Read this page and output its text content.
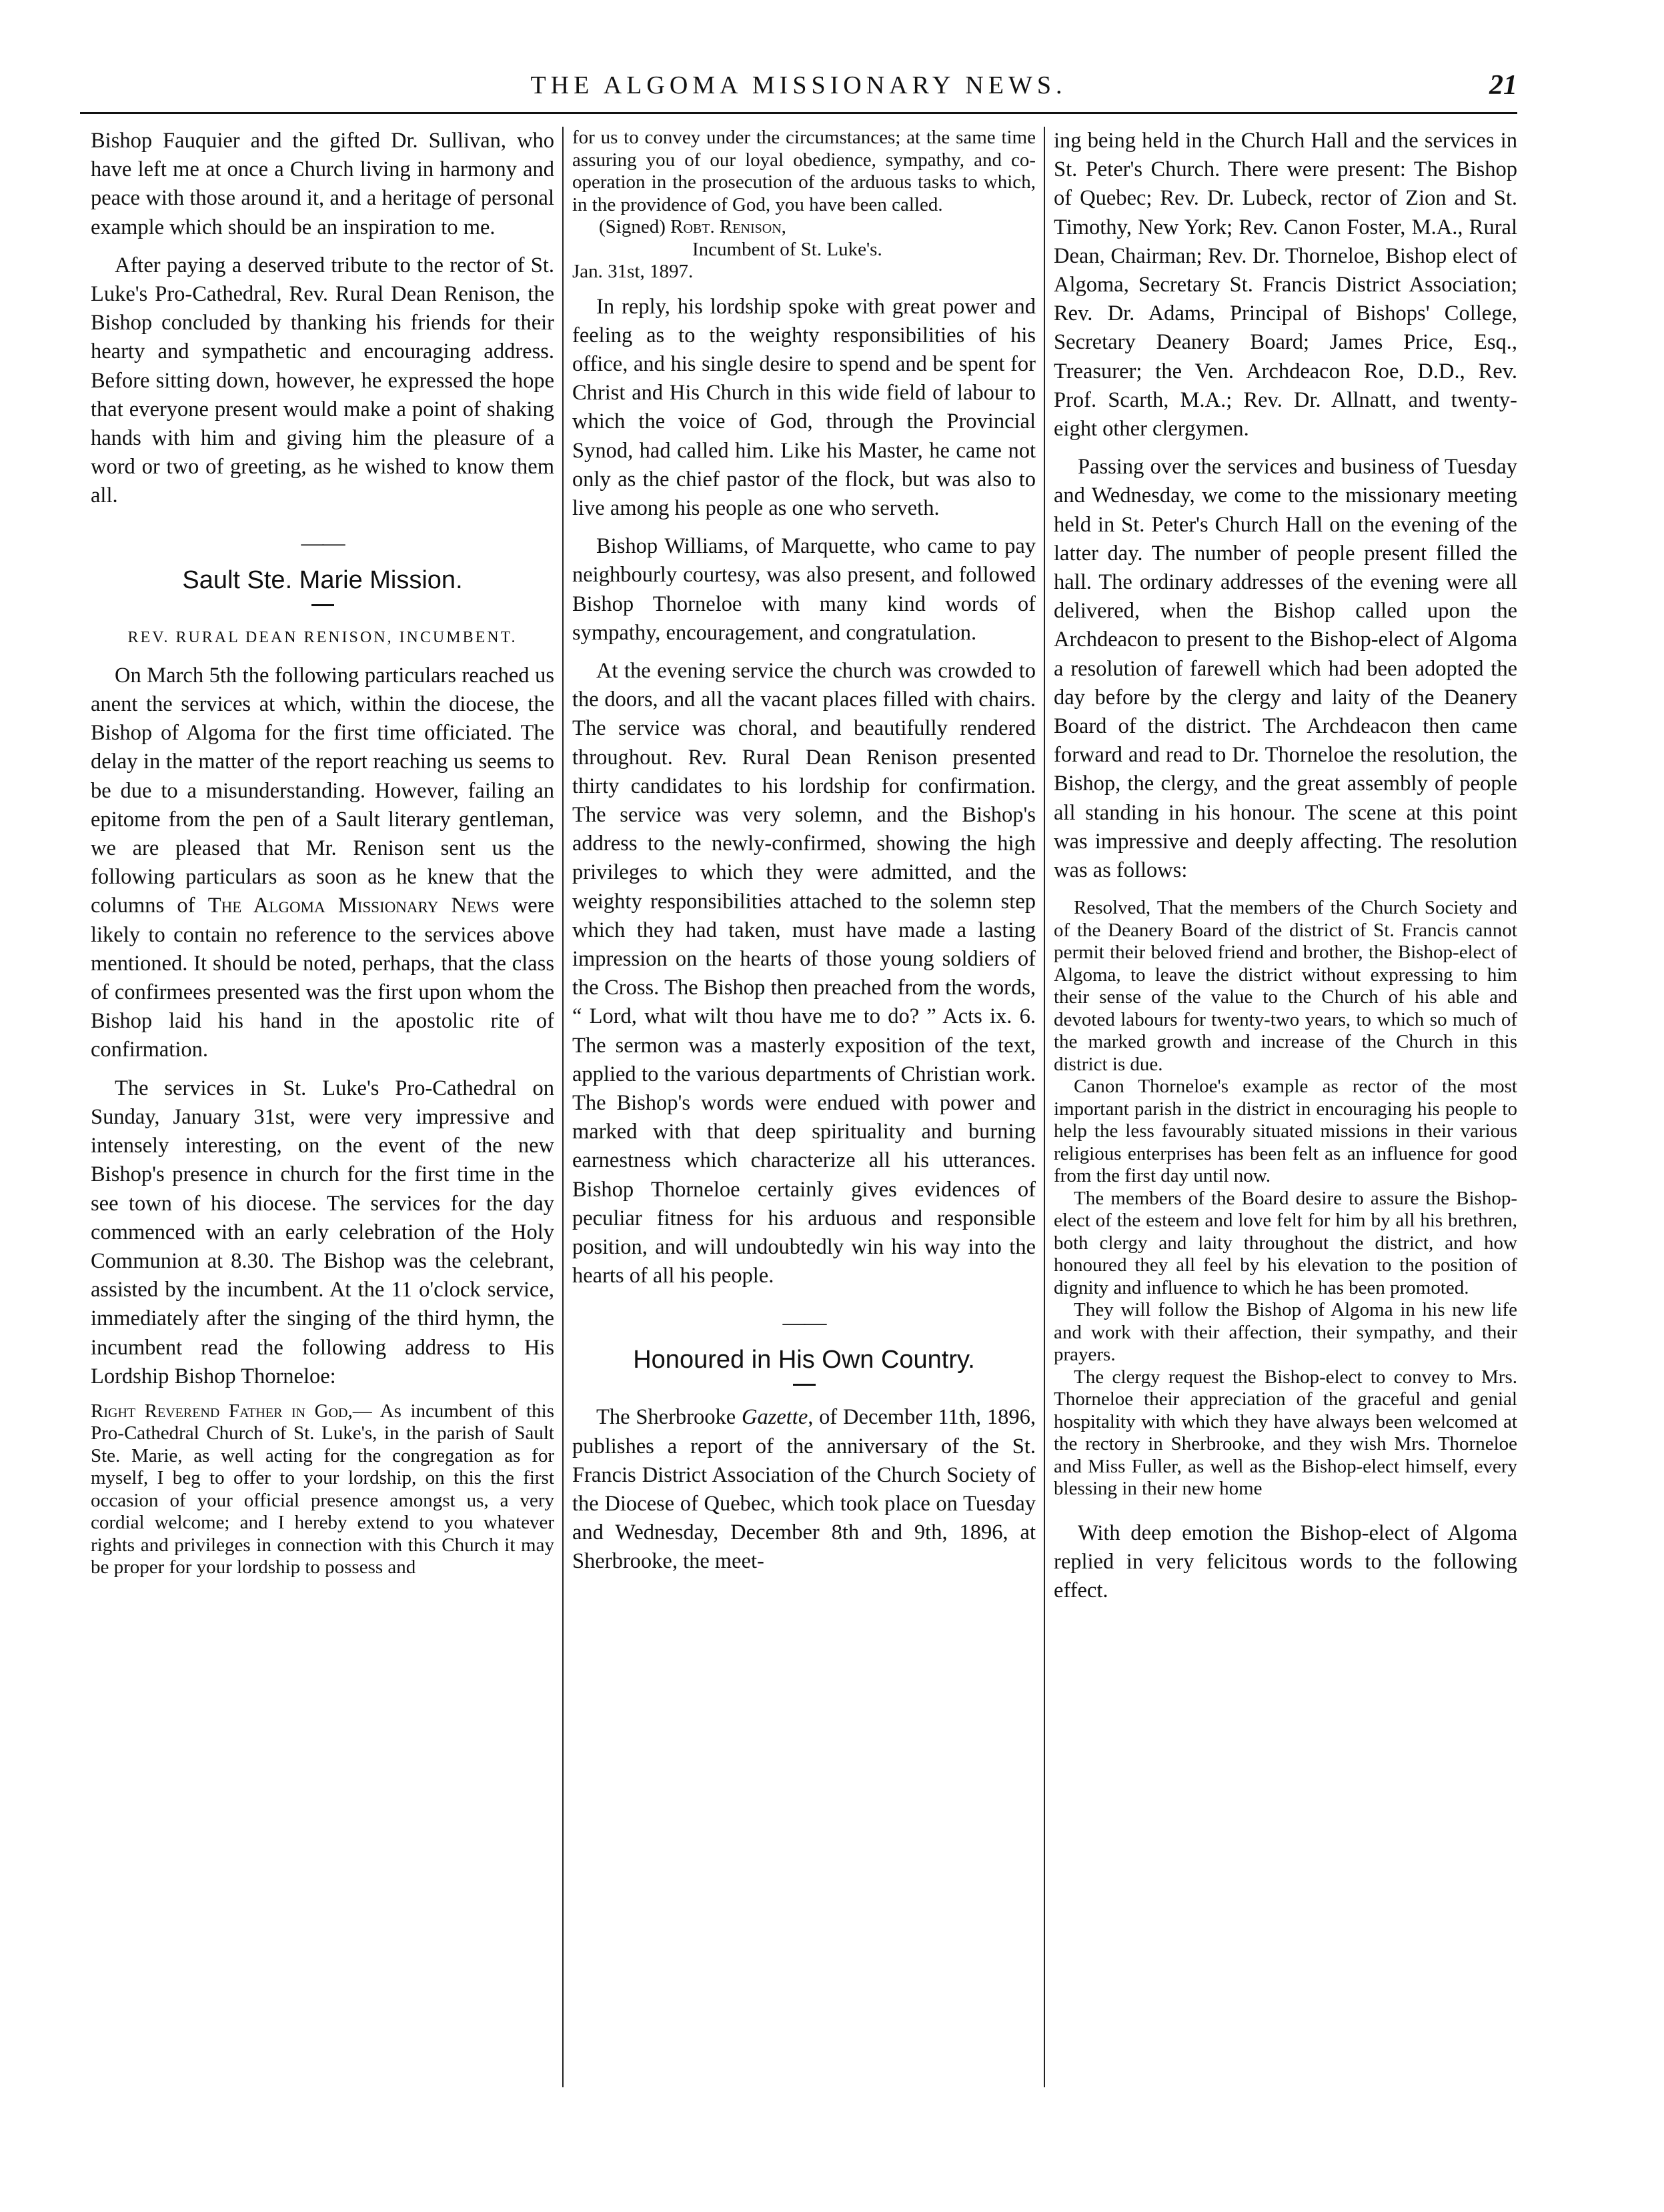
THE ALGOMA MISSIONARY NEWS.	21

Bishop Fauquier and the gifted Dr. Sullivan, who have left me at once a Church living in harmony and peace with those around it, and a heritage of personal example which should be an inspiration to me.

After paying a deserved tribute to the rector of St. Luke's Pro-Cathedral, Rev. Rural Dean Renison, the Bishop concluded by thanking his friends for their hearty and sympathetic and encouraging address. Before sitting down, however, he expressed the hope that everyone present would make a point of shaking hands with him and giving him the pleasure of a word or two of greeting, as he wished to know them all.

——
Sault Ste. Marie Mission.
REV. RURAL DEAN RENISON, INCUMBENT.

On March 5th the following particulars reached us anent the services at which, within the diocese, the Bishop of Algoma for the first time officiated. The delay in the matter of the report reaching us seems to be due to a misunderstanding. However, failing an epitome from the pen of a Sault literary gentleman, we are pleased that Mr. Renison sent us the following particulars as soon as he knew that the columns of The Algoma Missionary News were likely to contain no reference to the services above mentioned. It should be noted, perhaps, that the class of confirmees presented was the first upon whom the Bishop laid his hand in the apostolic rite of confirmation.

The services in St. Luke's Pro-Cathedral on Sunday, January 31st, were very impressive and intensely interesting, on the event of the new Bishop's presence in church for the first time in the see town of his diocese. The services for the day commenced with an early celebration of the Holy Communion at 8.30. The Bishop was the celebrant, assisted by the incumbent. At the 11 o'clock service, immediately after the singing of the third hymn, the incumbent read the following address to His Lordship Bishop Thorneloe:

Right Reverend Father in God,— As incumbent of this Pro-Cathedral Church of St. Luke's, in the parish of Sault Ste. Marie, as well acting for the congregation as for myself, I beg to offer to your lordship, on this the first occasion of your official presence amongst us, a very cordial welcome; and I hereby extend to you whatever rights and privileges in connection with this Church it may be proper for your lordship to possess and

for us to convey under the circumstances; at the same time assuring you of our loyal obedience, sympathy, and co-operation in the prosecution of the arduous tasks to which, in the providence of God, you have been called.

(Signed) Robt. Renison,
Incumbent of St. Luke's.
Jan. 31st, 1897.

In reply, his lordship spoke with great power and feeling as to the weighty responsibilities of his office, and his single desire to spend and be spent for Christ and His Church in this wide field of labour to which the voice of God, through the Provincial Synod, had called him. Like his Master, he came not only as the chief pastor of the flock, but was also to live among his people as one who serveth.

Bishop Williams, of Marquette, who came to pay neighbourly courtesy, was also present, and followed Bishop Thorneloe with many kind words of sympathy, encouragement, and congratulation.

At the evening service the church was crowded to the doors, and all the vacant places filled with chairs. The service was choral, and beautifully rendered throughout. Rev. Rural Dean Renison presented thirty candidates to his lordship for confirmation. The service was very solemn, and the Bishop's address to the newly-confirmed, showing the high privileges to which they were admitted, and the weighty responsibilities attached to the solemn step which they had taken, must have made a lasting impression on the hearts of those young soldiers of the Cross. The Bishop then preached from the words, “ Lord, what wilt thou have me to do? ” Acts ix. 6. The sermon was a masterly exposition of the text, applied to the various departments of Christian work. The Bishop's words were endued with power and marked with that deep spirituality and burning earnestness which characterize all his utterances. Bishop Thorneloe certainly gives evidences of peculiar fitness for his arduous and responsible position, and will undoubtedly win his way into the hearts of all his people.

——
Honoured in His Own Country.

The Sherbrooke Gazette, of December 11th, 1896, publishes a report of the anniversary of the St. Francis District Association of the Church Society of the Diocese of Quebec, which took place on Tuesday and Wednesday, December 8th and 9th, 1896, at Sherbrooke, the meet-

ing being held in the Church Hall and the services in St. Peter's Church. There were present: The Bishop of Quebec; Rev. Dr. Lubeck, rector of Zion and St. Timothy, New York; Rev. Canon Foster, M.A., Rural Dean, Chairman; Rev. Dr. Thorneloe, Bishop elect of Algoma, Secretary St. Francis District Association; Rev. Dr. Adams, Principal of Bishops' College, Secretary Deanery Board; James Price, Esq., Treasurer; the Ven. Archdeacon Roe, D.D., Rev. Prof. Scarth, M.A.; Rev. Dr. Allnatt, and twenty-eight other clergymen.

Passing over the services and business of Tuesday and Wednesday, we come to the missionary meeting held in St. Peter's Church Hall on the evening of the latter day. The number of people present filled the hall. The ordinary addresses of the evening were all delivered, when the Bishop called upon the Archdeacon to present to the Bishop-elect of Algoma a resolution of farewell which had been adopted the day before by the clergy and laity of the Deanery Board of the district. The Archdeacon then came forward and read to Dr. Thorneloe the resolution, the Bishop, the clergy, and the great assembly of people all standing in his honour. The scene at this point was impressive and deeply affecting. The resolution was as follows:

Resolved, That the members of the Church Society and of the Deanery Board of the district of St. Francis cannot permit their beloved friend and brother, the Bishop-elect of Algoma, to leave the district without expressing to him their sense of the value to the Church of his able and devoted labours for twenty-two years, to which so much of the marked growth and increase of the Church in this district is due.

Canon Thorneloe's example as rector of the most important parish in the district in encouraging his people to help the less favourably situated missions in their various religious enterprises has been felt as an influence for good from the first day until now.

The members of the Board desire to assure the Bishop-elect of the esteem and love felt for him by all his brethren, both clergy and laity throughout the district, and how honoured they all feel by his elevation to the position of dignity and influence to which he has been promoted.

They will follow the Bishop of Algoma in his new life and work with their affection, their sympathy, and their prayers.

The clergy request the Bishop-elect to convey to Mrs. Thorneloe their appreciation of the graceful and genial hospitality with which they have always been welcomed at the rectory in Sherbrooke, and they wish Mrs. Thorneloe and Miss Fuller, as well as the Bishop-elect himself, every blessing in their new home

With deep emotion the Bishop-elect of Algoma replied in very felicitous words to the following effect.
